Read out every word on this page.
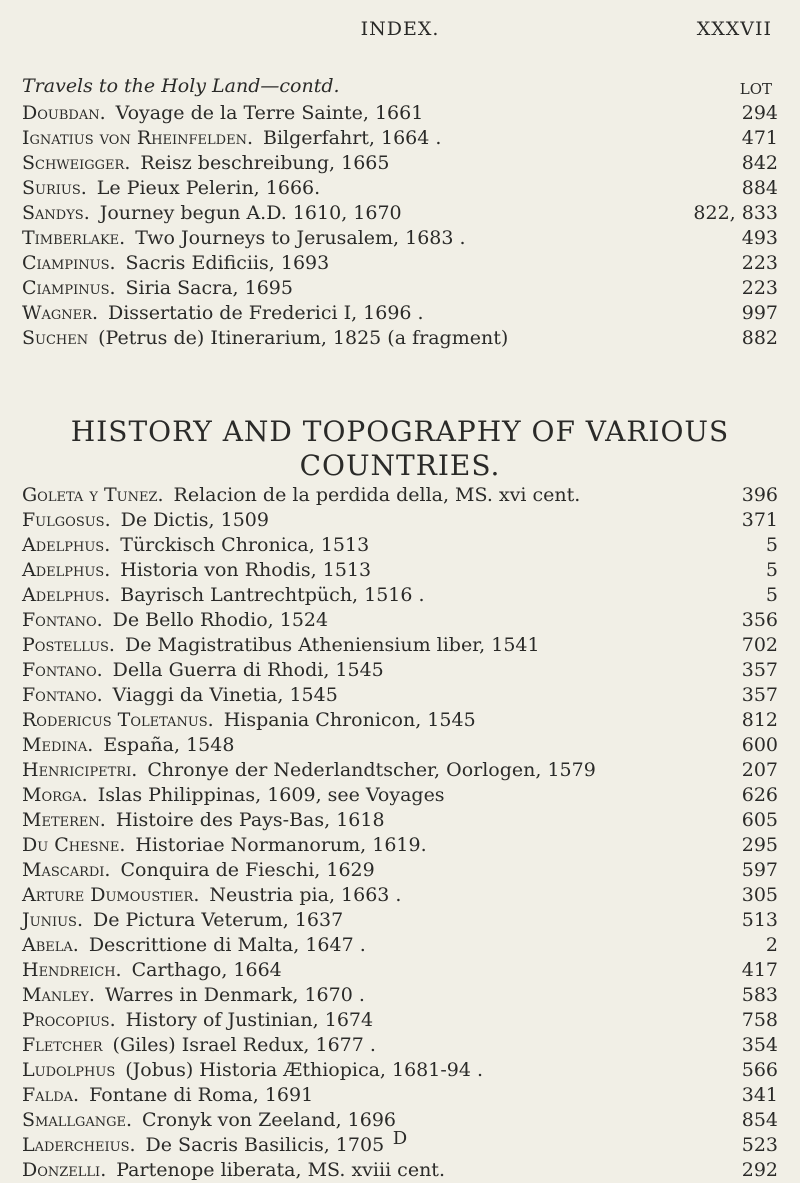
INDEX.	XXXVII
Travels to the Holy Land—contd.	LOT
Doubdan. Voyage de la Terre Sainte, 1661	294
Ignatius von Rheinfelden. Bilgerfahrt, 1664 .	471
Schweigger. Reisz beschreibung, 1665	842
Surius. Le Pieux Pelerin, 1666.	884
Sandys. Journey begun A.D. 1610, 1670	822, 833
Timberlake. Two Journeys to Jerusalem, 1683 .	493
Ciampinus. Sacris Edificiis, 1693	223
Ciampinus. Siria Sacra, 1695	223
Wagner. Dissertatio de Frederici I, 1696 .	997
Suchen (Petrus de) Itinerarium, 1825 (a fragment)	882
HISTORY AND TOPOGRAPHY OF VARIOUS
COUNTRIES.
Goleta y Tunez. Relacion de la perdida della, MS. xvi cent.	396
Fulgosus. De Dictis, 1509	371
Adelphus. Türckisch Chronica, 1513	5
Adelphus. Historia von Rhodis, 1513	5
Adelphus. Bayrisch Lantrechtpüch, 1516 .	5
Fontano. De Bello Rhodio, 1524	356
Postellus. De Magistratibus Atheniensium liber, 1541	702
Fontano. Della Guerra di Rhodi, 1545	357
Fontano. Viaggi da Vinetia, 1545	357
Rodericus Toletanus. Hispania Chronicon, 1545	812
Medina. España, 1548	600
Henricipetri. Chronye der Nederlandtscher, Oorlogen, 1579	207
Morga. Islas Philippinas, 1609, see Voyages	626
Meteren. Histoire des Pays-Bas, 1618	605
Du Chesne. Historiae Normanorum, 1619.	295
Mascardi. Conquira de Fieschi, 1629	597
Arture Dumoustier. Neustria pia, 1663 .	305
Junius. De Pictura Veterum, 1637	513
Abela. Descrittione di Malta, 1647 .	2
Hendreich. Carthago, 1664	417
Manley. Warres in Denmark, 1670 .	583
Procopius. History of Justinian, 1674	758
Fletcher (Giles) Israel Redux, 1677 .	354
Ludolphus (Jobus) Historia Æthiopica, 1681-94 .	566
Falda. Fontane di Roma, 1691	341
Smallgange. Cronyk von Zeeland, 1696	854
Ladercheius. De Sacris Basilicis, 1705	523
Donzelli. Partenope liberata, MS. xviii cent.	292
D
